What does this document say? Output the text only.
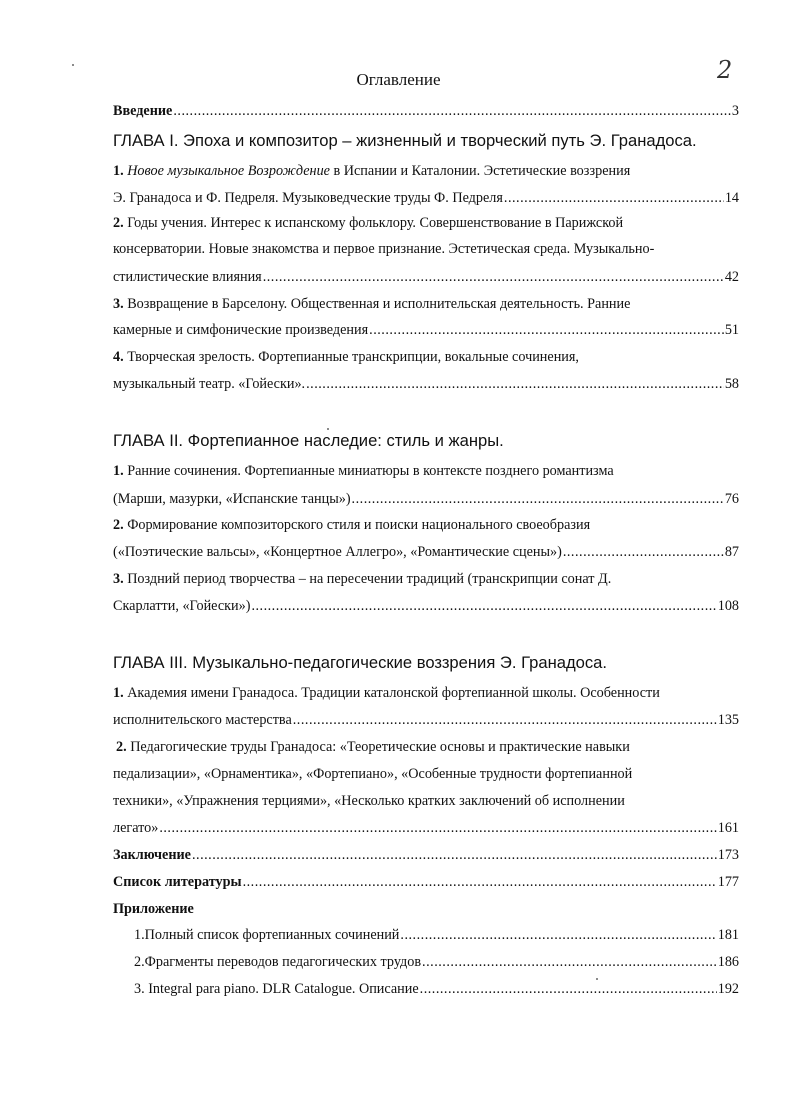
2
Оглавление
Введение .....	3
ГЛАВА I. Эпоха и композитор – жизненный и творческий путь Э. Гранадоса.
1. Новое музыкальное Возрождение в Испании и Каталонии. Эстетические воззрения
Э. Гранадоса и Ф. Педреля. Музыковедческие труды Ф. Педреля .....	14
2. Годы учения. Интерес к испанскому фольклору. Совершенствование в Парижской
консерватории. Новые знакомства и первое признание. Эстетическая среда. Музыкально-
стилистические влияния .....	42
3. Возвращение в Барселону. Общественная и исполнительская деятельность. Ранние
камерные и симфонические произведения .....	51
4. Творческая зрелость. Фортепианные транскрипции, вокальные сочинения,
музыкальный театр. «Гойески». .....	58
ГЛАВА II. Фортепианное наследие: стиль и жанры.
1. Ранние сочинения. Фортепианные миниатюры в контексте позднего романтизма
(Марши, мазурки, «Испанские танцы») .....	76
2. Формирование композиторского стиля и поиски национального своеобразия
(«Поэтические вальсы», «Концертное Аллегро», «Романтические сцены») .....	87
3. Поздний период творчества – на пересечении традиций (транскрипции сонат Д.
Скарлатти, «Гойески») .....	108
ГЛАВА III. Музыкально-педагогические воззрения Э. Гранадоса.
1. Академия имени Гранадоса. Традиции каталонской фортепианной школы. Особенности
исполнительского мастерства .....	135
2. Педагогические труды Гранадоса: «Теоретические основы и практические навыки
педализации», «Орнаментика», «Фортепиано», «Особенные трудности фортепианной
техники», «Упражнения терциями», «Несколько кратких заключений об исполнении
легато» .....	161
Заключение .....	173
Список литературы .....	177
Приложение
1.Полный список фортепианных сочинений .....	181
2.Фрагменты переводов педагогических трудов .....	186
3. Integral para piano. DLR Catalogue. Описание .....	192
